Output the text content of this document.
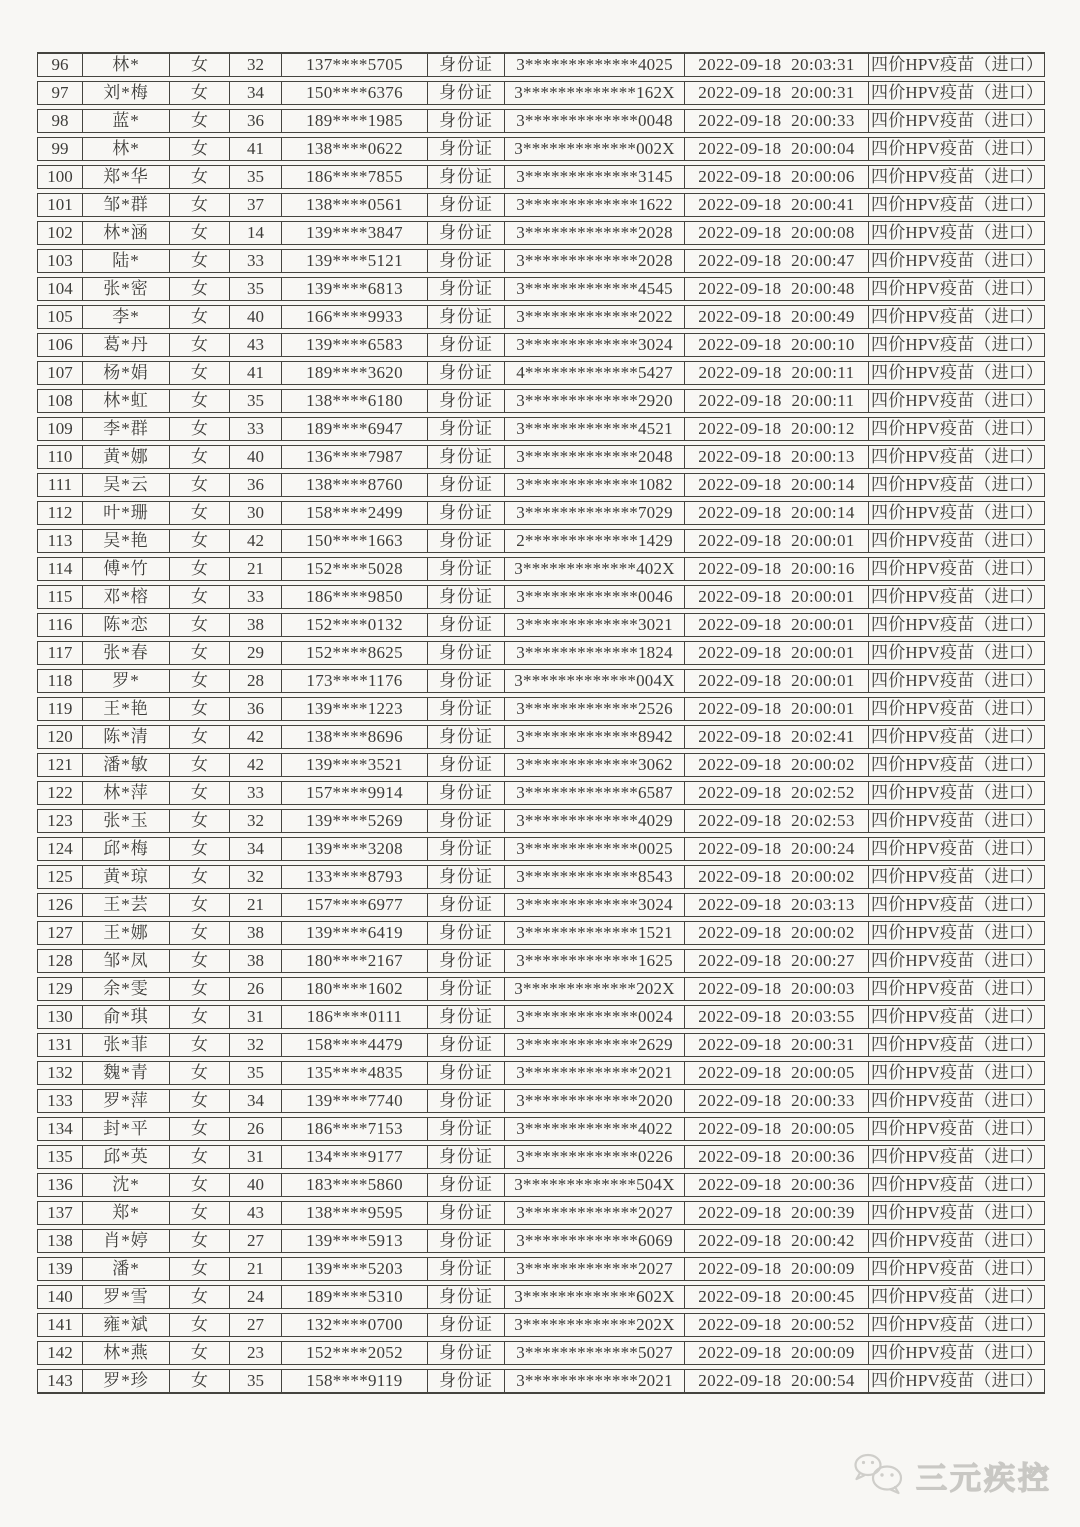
96	林*	女	32	137****5705	身份证	3*************4025	2022-09-18 20:03:31	四价HPV疫苗（进口）
97	刘*梅	女	34	150****6376	身份证	3*************162X	2022-09-18 20:00:31	四价HPV疫苗（进口）
98	蓝*	女	36	189****1985	身份证	3*************0048	2022-09-18 20:00:33	四价HPV疫苗（进口）
99	林*	女	41	138****0622	身份证	3*************002X	2022-09-18 20:00:04	四价HPV疫苗（进口）
100	郑*华	女	35	186****7855	身份证	3*************3145	2022-09-18 20:00:06	四价HPV疫苗（进口）
101	邹*群	女	37	138****0561	身份证	3*************1622	2022-09-18 20:00:41	四价HPV疫苗（进口）
102	林*涵	女	14	139****3847	身份证	3*************2028	2022-09-18 20:00:08	四价HPV疫苗（进口）
103	陆*	女	33	139****5121	身份证	3*************2028	2022-09-18 20:00:47	四价HPV疫苗（进口）
104	张*密	女	35	139****6813	身份证	3*************4545	2022-09-18 20:00:48	四价HPV疫苗（进口）
105	李*	女	40	166****9933	身份证	3*************2022	2022-09-18 20:00:49	四价HPV疫苗（进口）
106	葛*丹	女	43	139****6583	身份证	3*************3024	2022-09-18 20:00:10	四价HPV疫苗（进口）
107	杨*娟	女	41	189****3620	身份证	4*************5427	2022-09-18 20:00:11	四价HPV疫苗（进口）
108	林*虹	女	35	138****6180	身份证	3*************2920	2022-09-18 20:00:11	四价HPV疫苗（进口）
109	李*群	女	33	189****6947	身份证	3*************4521	2022-09-18 20:00:12	四价HPV疫苗（进口）
110	黄*娜	女	40	136****7987	身份证	3*************2048	2022-09-18 20:00:13	四价HPV疫苗（进口）
111	吴*云	女	36	138****8760	身份证	3*************1082	2022-09-18 20:00:14	四价HPV疫苗（进口）
112	叶*珊	女	30	158****2499	身份证	3*************7029	2022-09-18 20:00:14	四价HPV疫苗（进口）
113	吴*艳	女	42	150****1663	身份证	2*************1429	2022-09-18 20:00:01	四价HPV疫苗（进口）
114	傅*竹	女	21	152****5028	身份证	3*************402X	2022-09-18 20:00:16	四价HPV疫苗（进口）
115	邓*榕	女	33	186****9850	身份证	3*************0046	2022-09-18 20:00:01	四价HPV疫苗（进口）
116	陈*恋	女	38	152****0132	身份证	3*************3021	2022-09-18 20:00:01	四价HPV疫苗（进口）
117	张*春	女	29	152****8625	身份证	3*************1824	2022-09-18 20:00:01	四价HPV疫苗（进口）
118	罗*	女	28	173****1176	身份证	3*************004X	2022-09-18 20:00:01	四价HPV疫苗（进口）
119	王*艳	女	36	139****1223	身份证	3*************2526	2022-09-18 20:00:01	四价HPV疫苗（进口）
120	陈*清	女	42	138****8696	身份证	3*************8942	2022-09-18 20:02:41	四价HPV疫苗（进口）
121	潘*敏	女	42	139****3521	身份证	3*************3062	2022-09-18 20:00:02	四价HPV疫苗（进口）
122	林*萍	女	33	157****9914	身份证	3*************6587	2022-09-18 20:02:52	四价HPV疫苗（进口）
123	张*玉	女	32	139****5269	身份证	3*************4029	2022-09-18 20:02:53	四价HPV疫苗（进口）
124	邱*梅	女	34	139****3208	身份证	3*************0025	2022-09-18 20:00:24	四价HPV疫苗（进口）
125	黄*琼	女	32	133****8793	身份证	3*************8543	2022-09-18 20:00:02	四价HPV疫苗（进口）
126	王*芸	女	21	157****6977	身份证	3*************3024	2022-09-18 20:03:13	四价HPV疫苗（进口）
127	王*娜	女	38	139****6419	身份证	3*************1521	2022-09-18 20:00:02	四价HPV疫苗（进口）
128	邹*凤	女	38	180****2167	身份证	3*************1625	2022-09-18 20:00:27	四价HPV疫苗（进口）
129	余*雯	女	26	180****1602	身份证	3*************202X	2022-09-18 20:00:03	四价HPV疫苗（进口）
130	俞*琪	女	31	186****0111	身份证	3*************0024	2022-09-18 20:03:55	四价HPV疫苗（进口）
131	张*菲	女	32	158****4479	身份证	3*************2629	2022-09-18 20:00:31	四价HPV疫苗（进口）
132	魏*青	女	35	135****4835	身份证	3*************2021	2022-09-18 20:00:05	四价HPV疫苗（进口）
133	罗*萍	女	34	139****7740	身份证	3*************2020	2022-09-18 20:00:33	四价HPV疫苗（进口）
134	封*平	女	26	186****7153	身份证	3*************4022	2022-09-18 20:00:05	四价HPV疫苗（进口）
135	邱*英	女	31	134****9177	身份证	3*************0226	2022-09-18 20:00:36	四价HPV疫苗（进口）
136	沈*	女	40	183****5860	身份证	3*************504X	2022-09-18 20:00:36	四价HPV疫苗（进口）
137	郑*	女	43	138****9595	身份证	3*************2027	2022-09-18 20:00:39	四价HPV疫苗（进口）
138	肖*婷	女	27	139****5913	身份证	3*************6069	2022-09-18 20:00:42	四价HPV疫苗（进口）
139	潘*	女	21	139****5203	身份证	3*************2027	2022-09-18 20:00:09	四价HPV疫苗（进口）
140	罗*雪	女	24	189****5310	身份证	3*************602X	2022-09-18 20:00:45	四价HPV疫苗（进口）
141	雍*斌	女	27	132****0700	身份证	3*************202X	2022-09-18 20:00:52	四价HPV疫苗（进口）
142	林*燕	女	23	152****2052	身份证	3*************5027	2022-09-18 20:00:09	四价HPV疫苗（进口）
143	罗*珍	女	35	158****9119	身份证	3*************2021	2022-09-18 20:00:54	四价HPV疫苗（进口）
三元疾控
